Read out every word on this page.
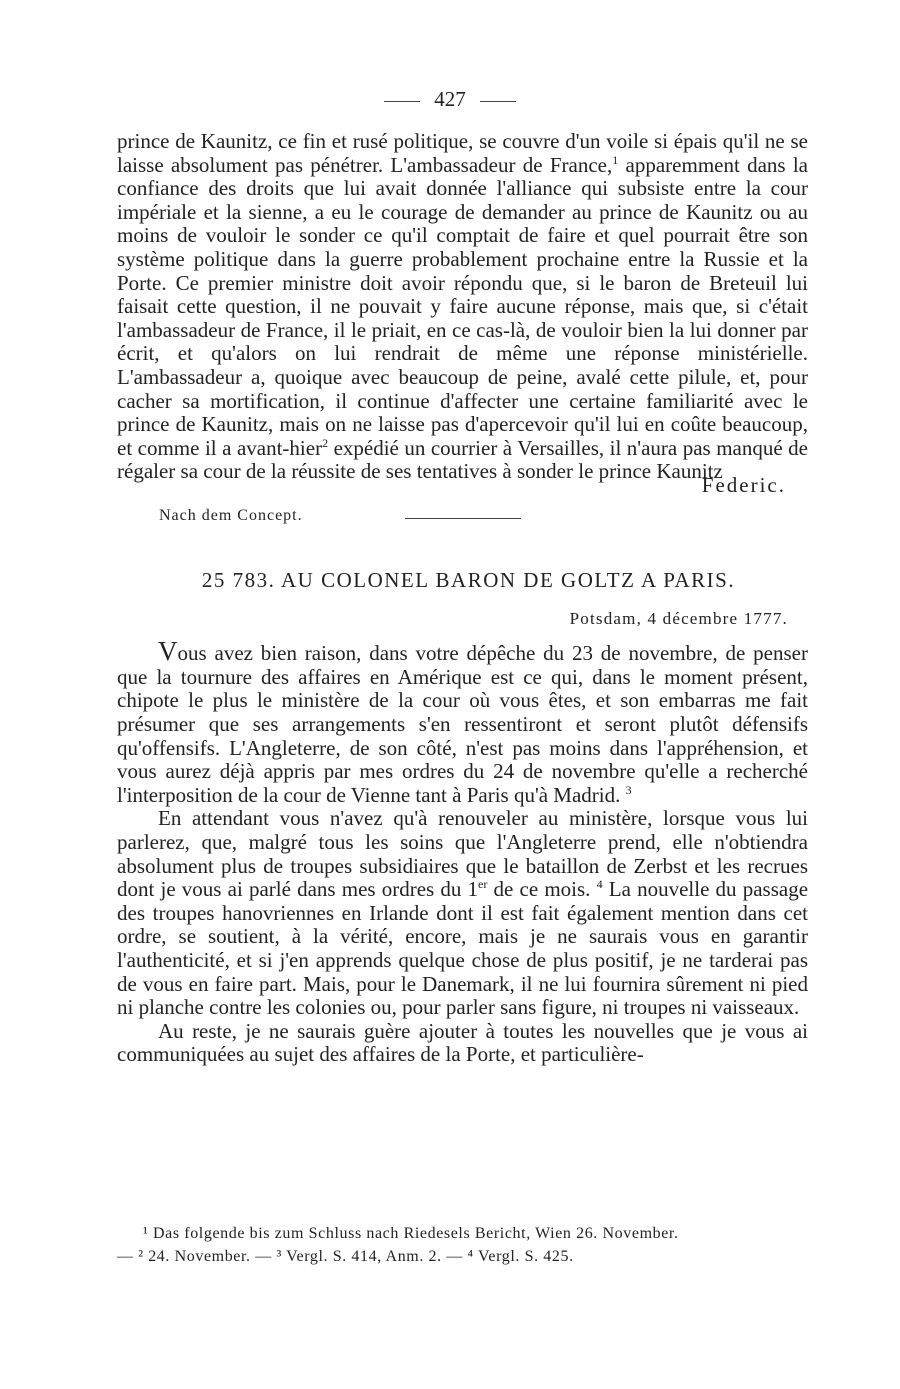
427

prince de Kaunitz, ce fin et rusé politique, se couvre d'un voile si épais qu'il ne se laisse absolument pas pénétrer. L'ambassadeur de France,$^1$ apparemment dans la confiance des droits que lui avait donnée l'alliance qui subsiste entre la cour impériale et la sienne, a eu le courage de demander au prince de Kaunitz ou au moins de vouloir le sonder ce qu'il comptait de faire et quel pourrait être son système politique dans la guerre probablement prochaine entre la Russie et la Porte. Ce premier ministre doit avoir répondu que, si le baron de Breteuil lui faisait cette question, il ne pouvait y faire aucune réponse, mais que, si c'était l'ambassadeur de France, il le priait, en ce cas-là, de vouloir bien la lui donner par écrit, et qu'alors on lui rendrait de même une réponse ministérielle. L'ambassadeur a, quoique avec beaucoup de peine, avalé cette pilule, et, pour cacher sa mortification, il continue d'affecter une certaine familiarité avec le prince de Kaunitz, mais on ne laisse pas d'apercevoir qu'il lui en coûte beaucoup, et comme il a avant-hier$^2$ expédié un courrier à Versailles, il n'aura pas manqué de régaler sa cour de la réussite de ses tentatives à sonder le prince Kaunitz

Federic.
Nach dem Concept.
25 783. AU COLONEL BARON DE GOLTZ A PARIS.
Potsdam, 4 décembre 1777.

Vous avez bien raison, dans votre dépêche du 23 de novembre, de penser que la tournure des affaires en Amérique est ce qui, dans le moment présent, chipote le plus le ministère de la cour où vous êtes, et son embarras me fait présumer que ses arrangements s'en ressentiront et seront plutôt défensifs qu'offensifs. L'Angleterre, de son côté, n'est pas moins dans l'appréhension, et vous aurez déjà appris par mes ordres du 24 de novembre qu'elle a recherché l'interposition de la cour de Vienne tant à Paris qu'à Madrid. $^3$

En attendant vous n'avez qu'à renouveler au ministère, lorsque vous lui parlerez, que, malgré tous les soins que l'Angleterre prend, elle n'obtiendra absolument plus de troupes subsidiaires que le bataillon de Zerbst et les recrues dont je vous ai parlé dans mes ordres du 1er de ce mois. $^4$ La nouvelle du passage des troupes hanovriennes en Irlande dont il est fait également mention dans cet ordre, se soutient, à la vérité, encore, mais je ne saurais vous en garantir l'authenticité, et si j'en apprends quelque chose de plus positif, je ne tarderai pas de vous en faire part. Mais, pour le Danemark, il ne lui fournira sûrement ni pied ni planche contre les colonies ou, pour parler sans figure, ni troupes ni vaisseaux.

Au reste, je ne saurais guère ajouter à toutes les nouvelles que je vous ai communiquées au sujet des affaires de la Porte, et particulière-

¹ Das folgende bis zum Schluss nach Riedesels Bericht, Wien 26. November.

— ² 24. November. — ³ Vergl. S. 414, Anm. 2. — ⁴ Vergl. S. 425.
